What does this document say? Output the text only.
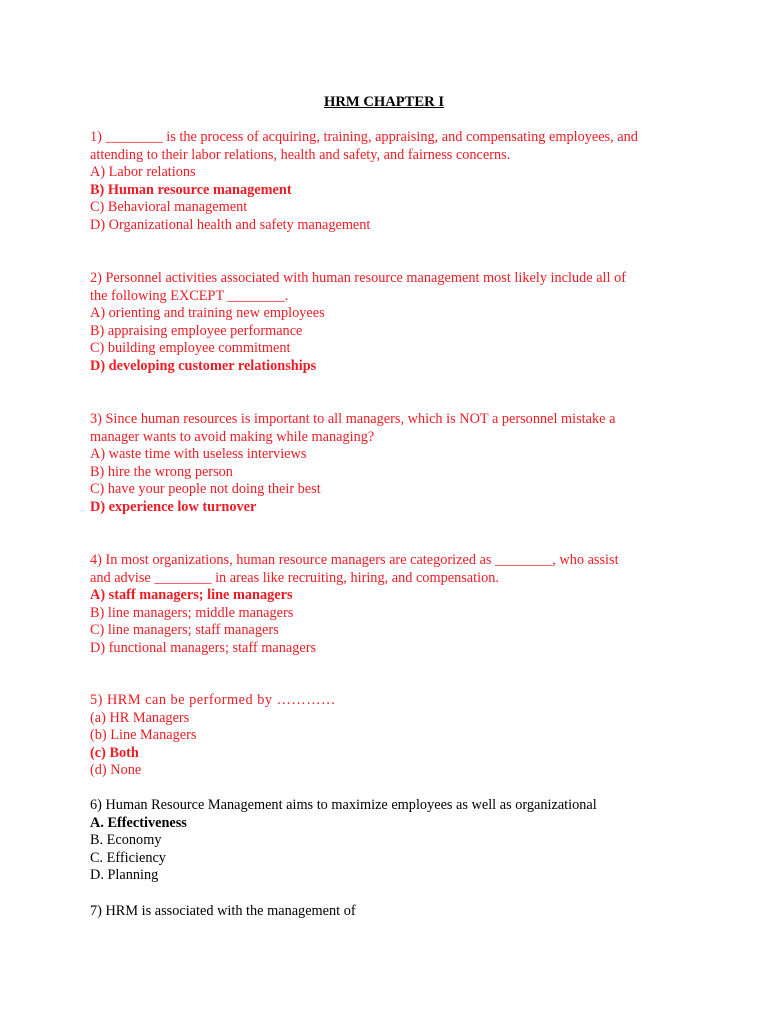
HRM CHAPTER I
1) ________ is the process of acquiring, training, appraising, and compensating employees, and
attending to their labor relations, health and safety, and fairness concerns.
A) Labor relations
B) Human resource management
C) Behavioral management
D) Organizational health and safety management
2) Personnel activities associated with human resource management most likely include all of
the following EXCEPT ________.
A) orienting and training new employees
B) appraising employee performance
C) building employee commitment
D) developing customer relationships
3) Since human resources is important to all managers, which is NOT a personnel mistake a
manager wants to avoid making while managing?
A) waste time with useless interviews
B) hire the wrong person
C) have your people not doing their best
D) experience low turnover
4) In most organizations, human resource managers are categorized as ________, who assist
and advise ________ in areas like recruiting, hiring, and compensation.
A) staff managers; line managers
B) line managers; middle managers
C) line managers; staff managers
D) functional managers; staff managers
5) HRM can be performed by …………
(a) HR Managers
(b) Line Managers
(c) Both
(d) None
6) Human Resource Management aims to maximize employees as well as organizational
A. Effectiveness
B. Economy
C. Efficiency
D. Planning
7) HRM is associated with the management of
